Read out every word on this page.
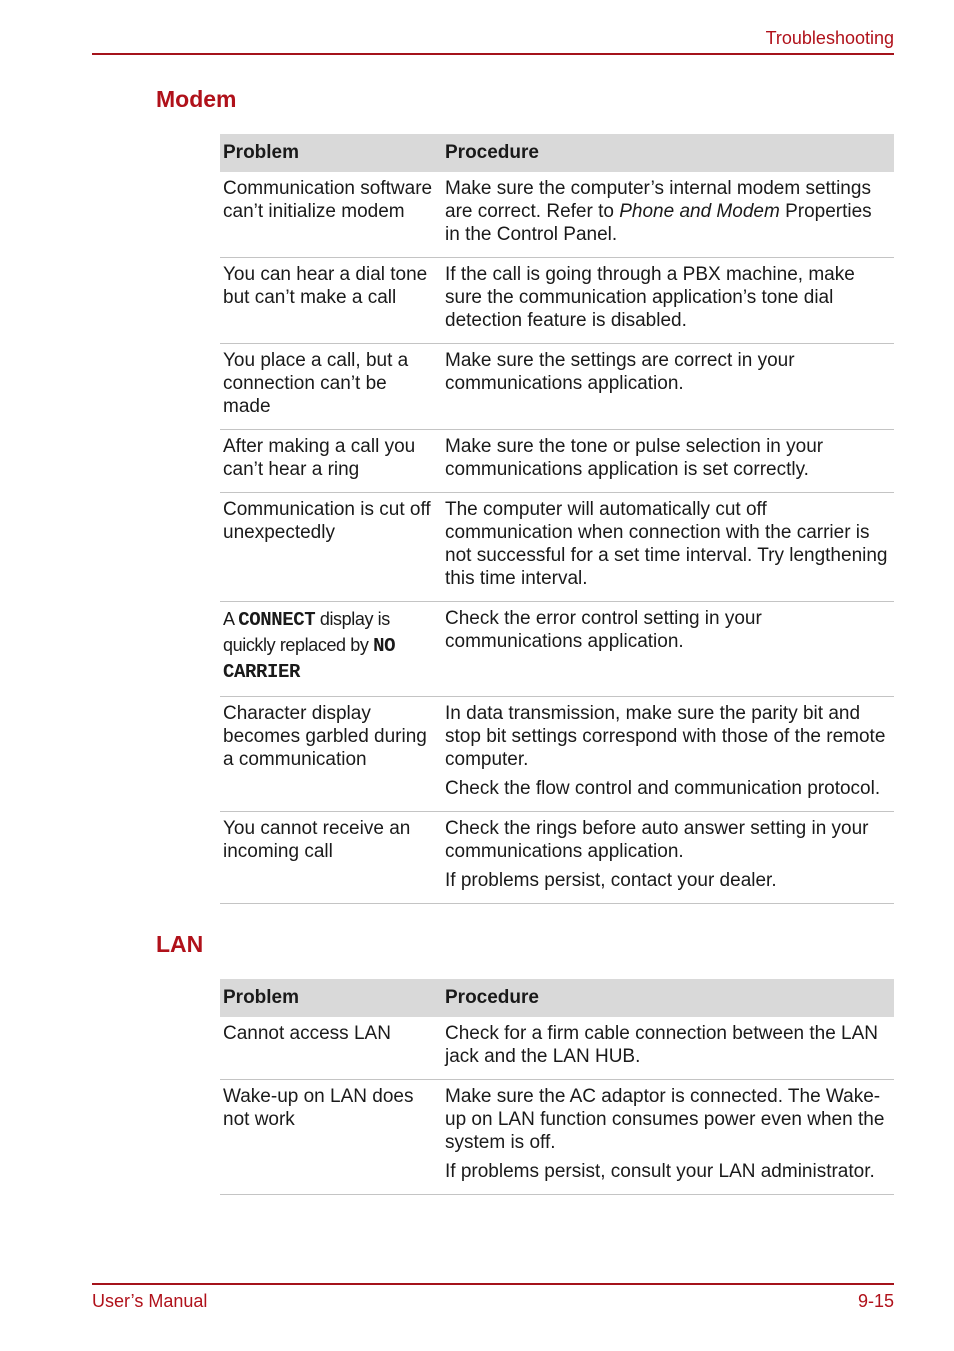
Troubleshooting
Modem
Problem	Procedure

Communication software can’t initialize modem	Make sure the computer’s internal modem settings are correct. Refer to Phone and Modem Properties in the Control Panel.

You can hear a dial tone but can’t make a call	If the call is going through a PBX machine, make sure the communication application’s tone dial detection feature is disabled.

You place a call, but a connection can’t be made	Make sure the settings are correct in your communications application.

After making a call you can’t hear a ring	Make sure the tone or pulse selection in your communications application is set correctly.

Communication is cut off unexpectedly	The computer will automatically cut off communication when connection with the carrier is not successful for a set time interval. Try lengthening this time interval.

A CONNECT display is quickly replaced by NO CARRIER	Check the error control setting in your communications application.

Character display becomes garbled during a communication	In data transmission, make sure the parity bit and stop bit settings correspond with those of the remote computer.

Check the flow control and communication protocol.

You cannot receive an incoming call	Check the rings before auto answer setting in your communications application.

If problems persist, contact your dealer.

LAN
Problem	Procedure

Cannot access LAN	Check for a firm cable connection between the LAN jack and the LAN HUB.

Wake-up on LAN does not work	Make sure the AC adaptor is connected. The Wake-up on LAN function consumes power even when the system is off.

If problems persist, consult your LAN administrator.

User’s Manual	9-15
